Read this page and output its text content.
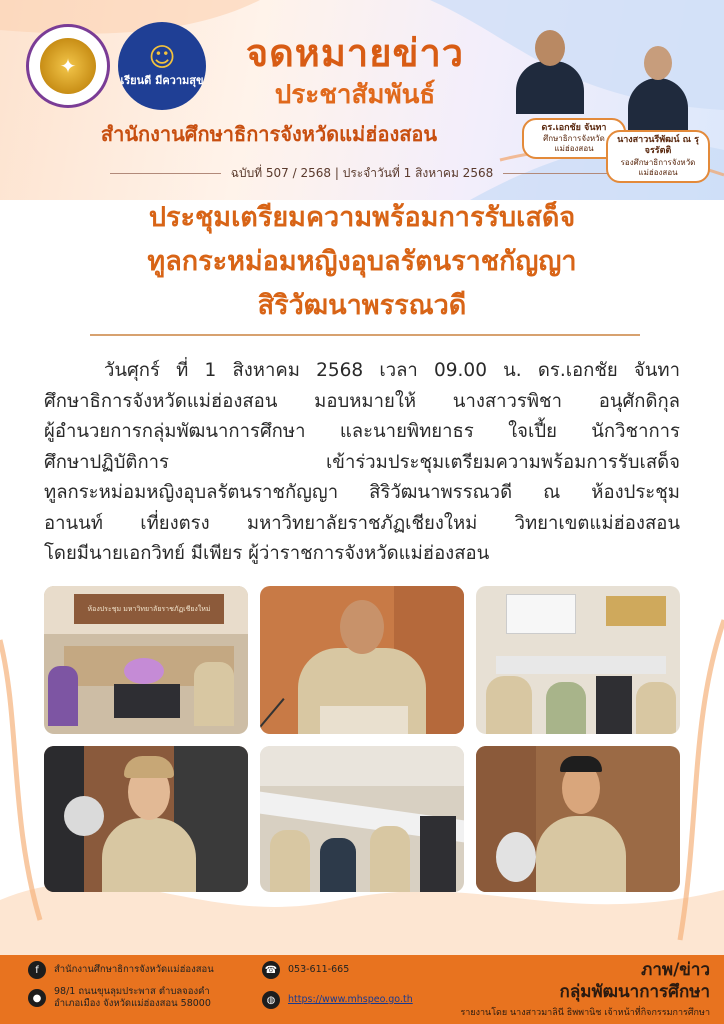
✦	☺
เรียนดี มีความสุข
จดหมายข่าว
ประชาสัมพันธ์
สำนักงานศึกษาธิการจังหวัดแม่ฮ่องสอน
ฉบับที่ 507 / 2568 | ประจำวันที่ 1 สิงหาคม 2568
ดร.เอกชัย จันทา
ศึกษาธิการจังหวัดแม่ฮ่องสอน
นางสาวนรีพัฒน์ ณ รุจรรัตติ
รองศึกษาธิการจังหวัดแม่ฮ่องสอน
ประชุมเตรียมความพร้อมการรับเสด็จ
ทูลกระหม่อมหญิงอุบลรัตนราชกัญญา
สิริวัฒนาพรรณวดี
วันศุกร์ ที่ 1 สิงหาคม 2568 เวลา 09.00 น. ดร.เอกชัย จันทา
ศึกษาธิการจังหวัดแม่ฮ่องสอน มอบหมายให้ นางสาวรพิชา อนุศักดิกุล
ผู้อำนวยการกลุ่มพัฒนาการศึกษา และนายพิทยาธร ใจเปี้ย นักวิชาการ
ศึกษาปฏิบัติการ เข้าร่วมประชุมเตรียมความพร้อมการรับเสด็จ
ทูลกระหม่อมหญิงอุบลรัตนราชกัญญา สิริวัฒนาพรรณวดี ณ ห้องประชุม
อานนท์ เที่ยงตรง มหาวิทยาลัยราชภัฏเชียงใหม่ วิทยาเขตแม่ฮ่องสอน
โดยมีนายเอกวิทย์ มีเพียร ผู้ว่าราชการจังหวัดแม่ฮ่องสอน
ห้องประชุม มหาวิทยาลัยราชภัฏเชียงใหม่
f	สำนักงานศึกษาธิการจังหวัดแม่ฮ่องสอน
●
98/1 ถนนขุนลุมประพาส ตำบลจองคำ
อำเภอเมือง จังหวัดแม่ฮ่องสอน 58000
☎ 053-611-665
◍	https://www.mhspeo.go.th
ภาพ/ข่าว
กลุ่มพัฒนาการศึกษา
รายงานโดย นางสาวมาลินี ธิพพานิช เจ้าหน้าที่กิจกรรมการศึกษา
